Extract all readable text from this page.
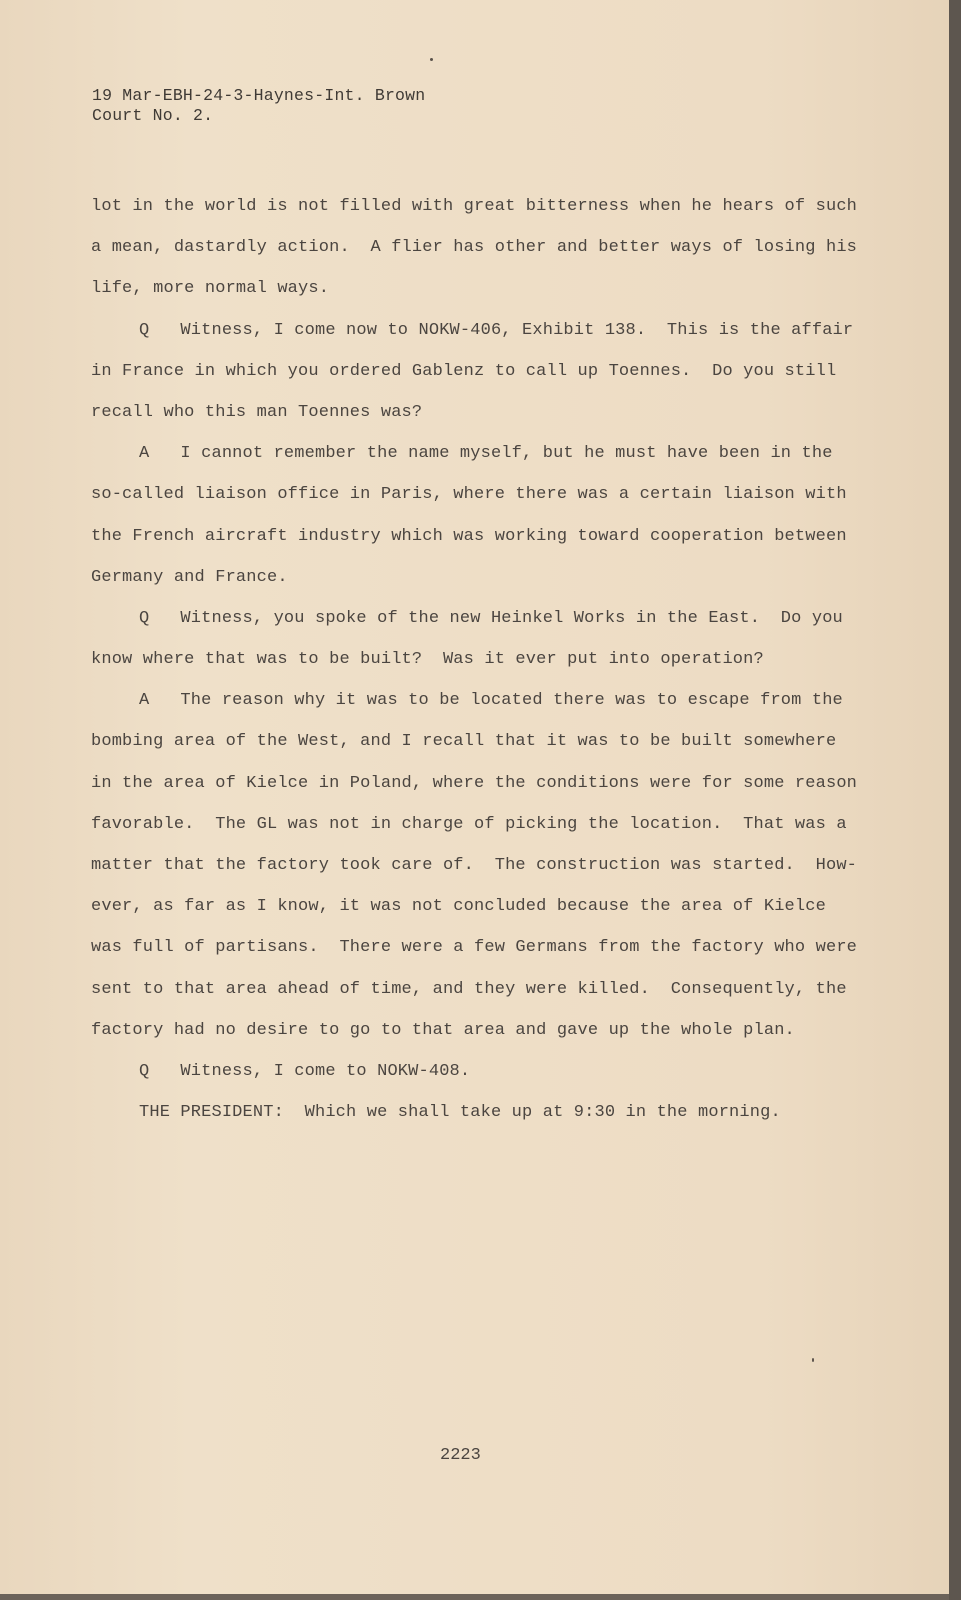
19 Mar-EBH-24-3-Haynes-Int. Brown
Court No. 2.
lot in the world is not filled with great bitterness when he hears of such
a mean, dastardly action.  A flier has other and better ways of losing his
life, more normal ways.
Q   Witness, I come now to NOKW-406, Exhibit 138.  This is the affair
in France in which you ordered Gablenz to call up Toennes.  Do you still
recall who this man Toennes was?
A   I cannot remember the name myself, but he must have been in the
so-called liaison office in Paris, where there was a certain liaison with
the French aircraft industry which was working toward cooperation between
Germany and France.
Q   Witness, you spoke of the new Heinkel Works in the East.  Do you
know where that was to be built?  Was it ever put into operation?
A   The reason why it was to be located there was to escape from the
bombing area of the West, and I recall that it was to be built somewhere
in the area of Kielce in Poland, where the conditions were for some reason
favorable.  The GL was not in charge of picking the location.  That was a
matter that the factory took care of.  The construction was started.  How-
ever, as far as I know, it was not concluded because the area of Kielce
was full of partisans.  There were a few Germans from the factory who were
sent to that area ahead of time, and they were killed.  Consequently, the
factory had no desire to go to that area and gave up the whole plan.
Q   Witness, I come to NOKW-408.
THE PRESIDENT:  Which we shall take up at 9:30 in the morning.
2223
